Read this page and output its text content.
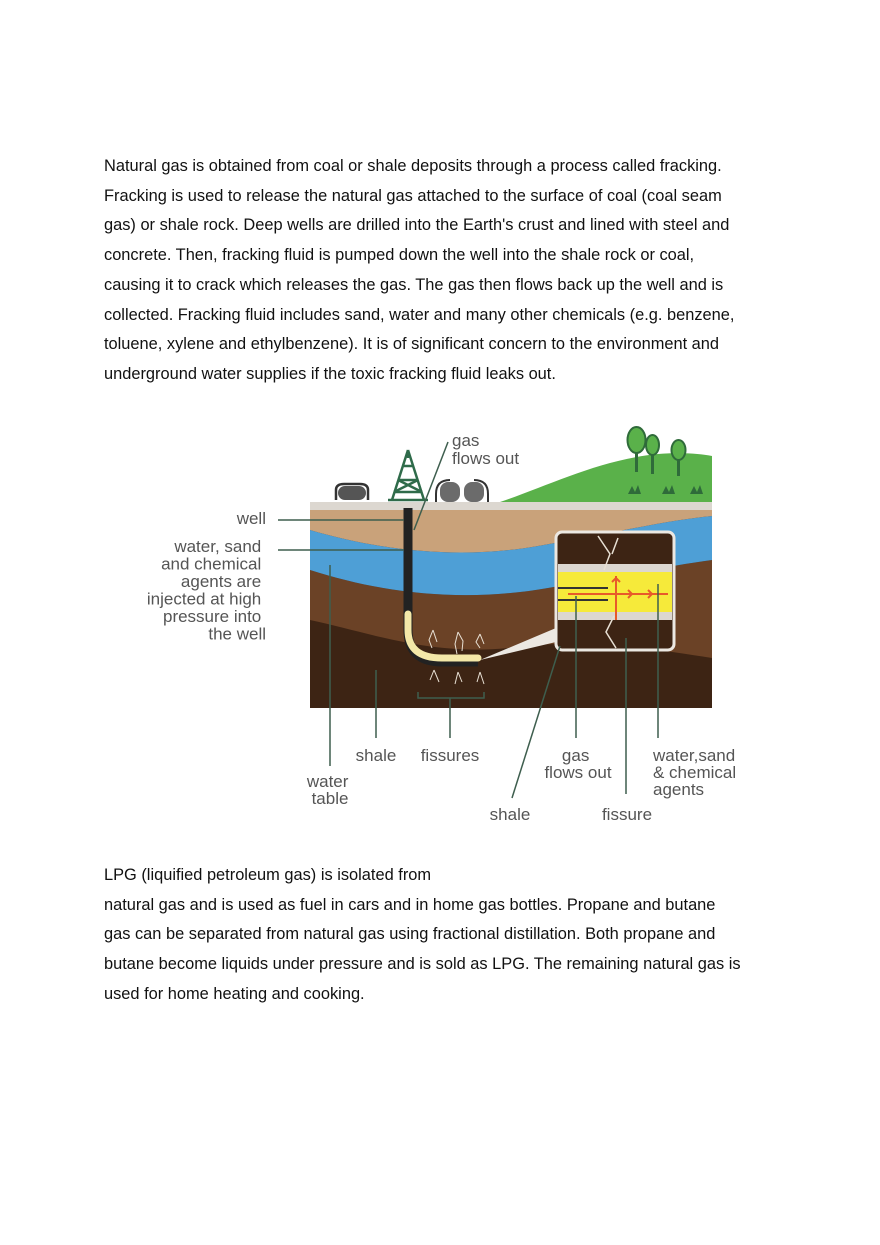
Natural gas is obtained from coal or shale deposits through a process called fracking.
Fracking is used to release the natural gas attached to the surface of coal (coal seam
gas) or shale rock. Deep wells are drilled into the Earth's crust and lined with steel and
concrete. Then, fracking fluid is pumped down the well into the shale rock or coal,
causing it to crack which releases the gas. The gas then flows back up the well and is
collected. Fracking fluid includes sand, water and many other chemicals (e.g. benzene,
toluene, xylene and ethylbenzene). It is of significant concern to the environment and
underground water supplies if the toxic fracking fluid leaks out.

gas flows out
well
water, sand and chemical agents are injected at high pressure into the well
shale fissures
water table
gas flows out
water,sand & chemical agents
shale	fissure

LPG (liquified petroleum gas) is isolated from
natural gas and is used as fuel in cars and in home gas bottles. Propane and butane
gas can be separated from natural gas using fractional distillation. Both propane and
butane become liquids under pressure and is sold as LPG. The remaining natural gas is
used for home heating and cooking.
